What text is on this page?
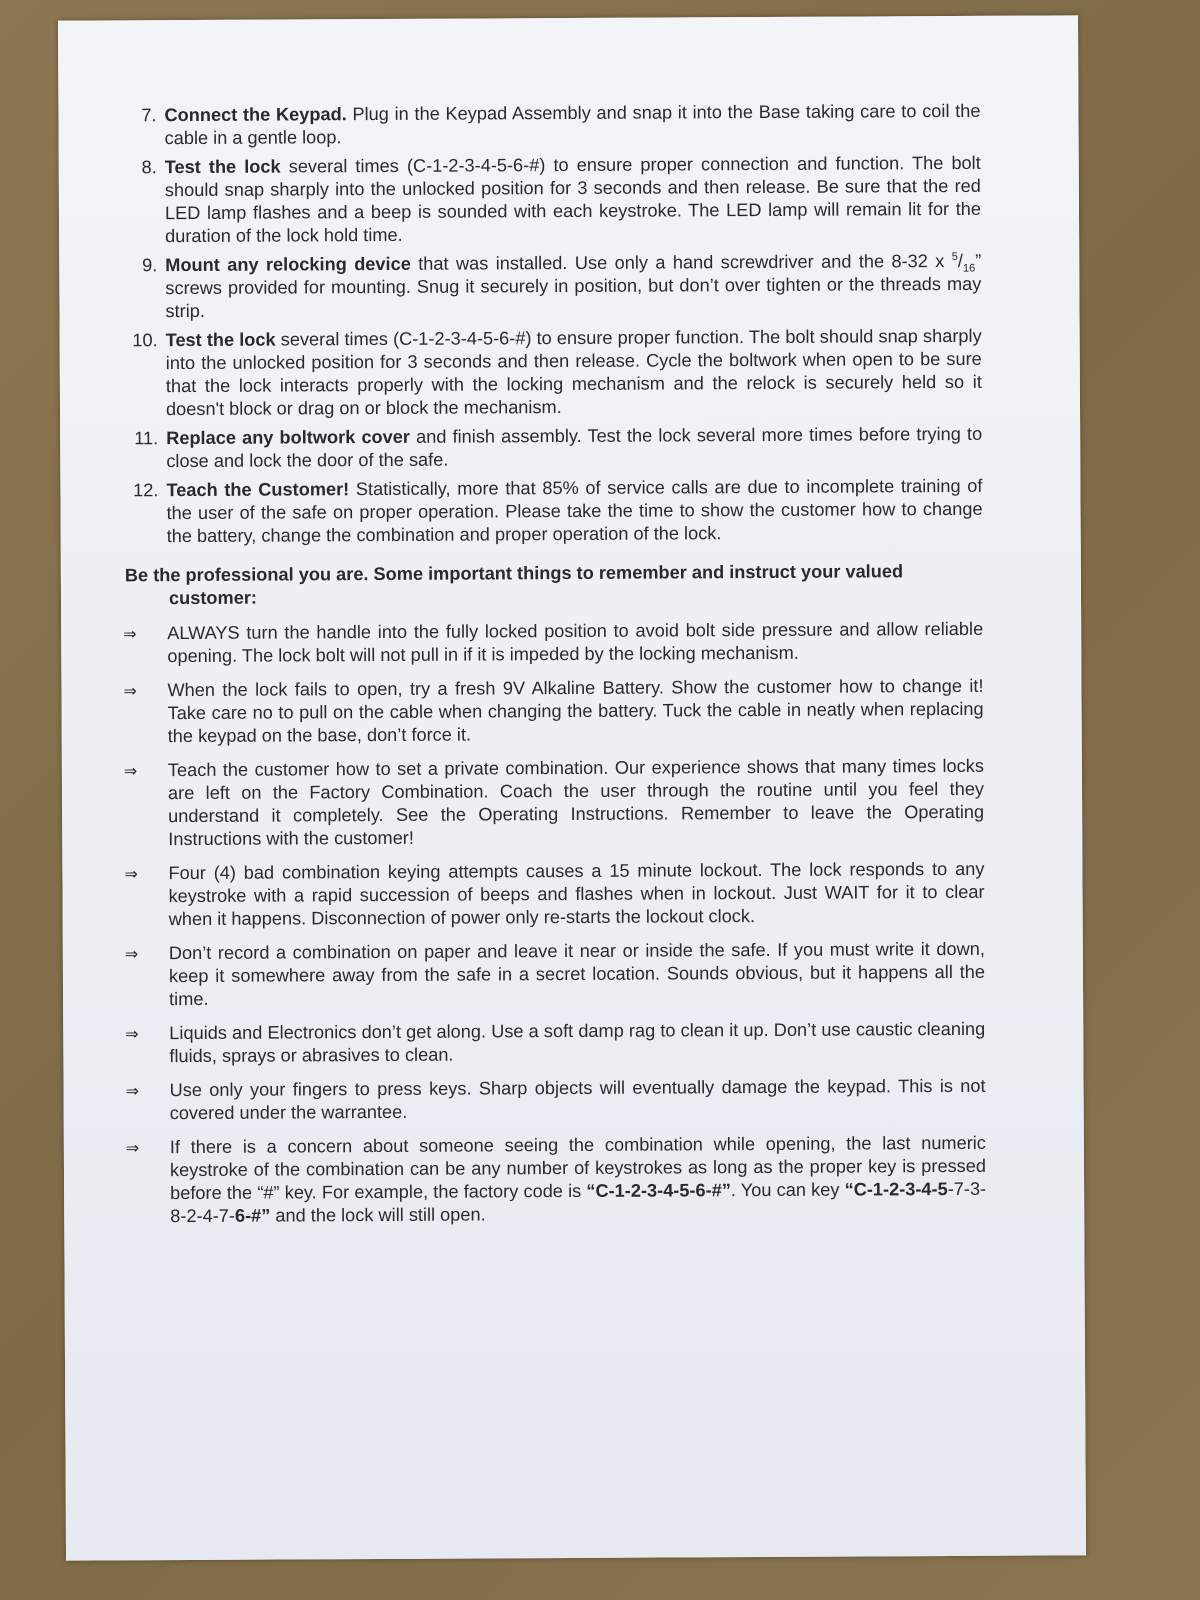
7. Connect the Keypad. Plug in the Keypad Assembly and snap it into the Base taking care to coil the cable in a gentle loop.
8. Test the lock several times (C-1-2-3-4-5-6-#) to ensure proper connection and function. The bolt should snap sharply into the unlocked position for 3 seconds and then release. Be sure that the red LED lamp flashes and a beep is sounded with each keystroke. The LED lamp will remain lit for the duration of the lock hold time.
9. Mount any relocking device that was installed. Use only a hand screwdriver and the 8-32 x $^5/_{16}$” screws provided for mounting. Snug it securely in position, but don’t over tighten or the threads may strip.
10. Test the lock several times (C-1-2-3-4-5-6-#) to ensure proper function. The bolt should snap sharply into the unlocked position for 3 seconds and then release. Cycle the boltwork when open to be sure that the lock interacts properly with the locking mechanism and the relock is securely held so it doesn't block or drag on or block the mechanism.
11. Replace any boltwork cover and finish assembly. Test the lock several more times before trying to close and lock the door of the safe.
12. Teach the Customer! Statistically, more that 85% of service calls are due to incomplete training of the user of the safe on proper operation. Please take the time to show the customer how to change the battery, change the combination and proper operation of the lock.
Be the professional you are. Some important things to remember and instruct your valued
customer:
⇒	ALWAYS turn the handle into the fully locked position to avoid bolt side pressure and allow reliable opening. The lock bolt will not pull in if it is impeded by the locking mechanism.
⇒	When the lock fails to open, try a fresh 9V Alkaline Battery. Show the customer how to change it! Take care no to pull on the cable when changing the battery. Tuck the cable in neatly when replacing the keypad on the base, don’t force it.
⇒	Teach the customer how to set a private combination. Our experience shows that many times locks are left on the Factory Combination. Coach the user through the routine until you feel they understand it completely. See the Operating Instructions. Remember to leave the Operating Instructions with the customer!
⇒	Four (4) bad combination keying attempts causes a 15 minute lockout. The lock responds to any keystroke with a rapid succession of beeps and flashes when in lockout. Just WAIT for it to clear when it happens. Disconnection of power only re-starts the lockout clock.
⇒	Don’t record a combination on paper and leave it near or inside the safe. If you must write it down, keep it somewhere away from the safe in a secret location. Sounds obvious, but it happens all the time.
⇒	Liquids and Electronics don’t get along. Use a soft damp rag to clean it up. Don’t use caustic cleaning fluids, sprays or abrasives to clean.
⇒	Use only your fingers to press keys. Sharp objects will eventually damage the keypad. This is not covered under the warrantee.
⇒	If there is a concern about someone seeing the combination while opening, the last numeric keystroke of the combination can be any number of keystrokes as long as the proper key is pressed before the “#” key. For example, the factory code is “C-1-2-3-4-5-6-#”. You can key “C-1-2-3-4-5-7-3-8-2-4-7-6-#” and the lock will still open.
